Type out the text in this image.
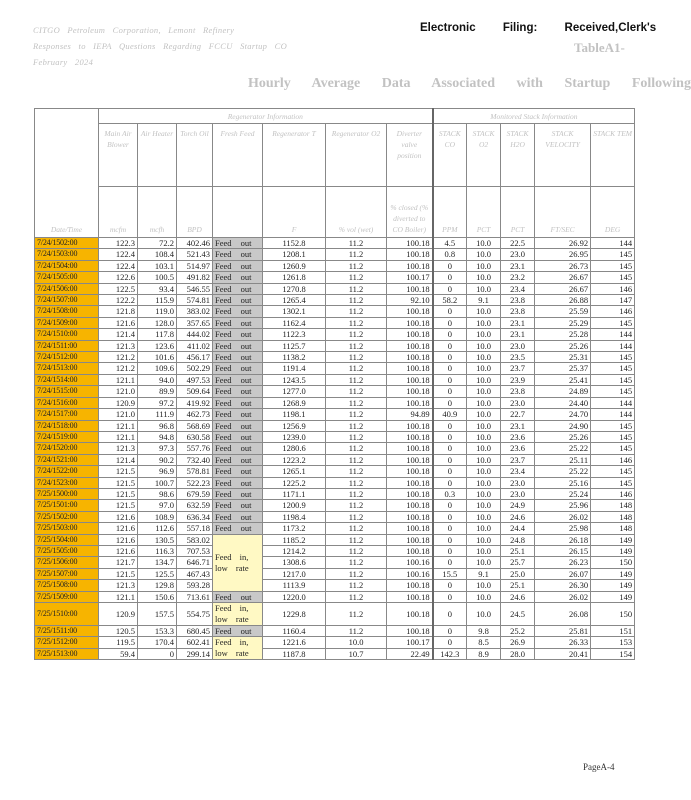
CITGO Petroleum Corporation, Lemont Refinery
Responses to IEPA Questions Regarding FCCU Startup CO
February 2024
Electronic Filing: Received,Clerk's
TableA1-
Hourly Average Data Associated with Startup Following
Date/Time	Regenerator Information							Monitored Stack Information				
	Main Air Blower	Air Heater	Torch Oil	Fresh Feed	Regenerator T	Regenerator O2	Diverter valve position	STACK CO	STACK O2	STACK H2O	STACK VELOCITY	STACK TEM
	mcfm	mcfh	BPD		F	% vol (wet)	% closed (% diverted to CO Boiler)	PPM	PCT	PCT	FT/SEC	DEG
7/24/1502:00	122.3	72.2	402.46	Feed out	1152.8	11.2	100.18	4.5	10.0	22.5	26.92	144
7/24/1503:00	122.4	108.4	521.43	Feed out	1208.1	11.2	100.18	0.8	10.0	23.0	26.95	145
7/24/1504:00	122.4	103.1	514.97	Feed out	1260.9	11.2	100.18	0	10.0	23.1	26.73	145
7/24/1505:00	122.6	100.5	491.82	Feed out	1261.8	11.2	100.17	0	10.0	23.2	26.67	145
7/24/1506:00	122.5	93.4	546.55	Feed out	1270.8	11.2	100.18	0	10.0	23.4	26.67	146
7/24/1507:00	122.2	115.9	574.81	Feed out	1265.4	11.2	92.10	58.2	9.1	23.8	26.88	147
7/24/1508:00	121.8	119.0	383.02	Feed out	1302.1	11.2	100.18	0	10.0	23.8	25.59	146
7/24/1509:00	121.6	128.0	357.65	Feed out	1162.4	11.2	100.18	0	10.0	23.1	25.29	145
7/24/1510:00	121.4	117.8	444.02	Feed out	1122.3	11.2	100.18	0	10.0	23.1	25.28	144
7/24/1511:00	121.3	123.6	411.02	Feed out	1125.7	11.2	100.18	0	10.0	23.0	25.26	144
7/24/1512:00	121.2	101.6	456.17	Feed out	1138.2	11.2	100.18	0	10.0	23.5	25.31	145
7/24/1513:00	121.2	109.6	502.29	Feed out	1191.4	11.2	100.18	0	10.0	23.7	25.37	145
7/24/1514:00	121.1	94.0	497.53	Feed out	1243.5	11.2	100.18	0	10.0	23.9	25.41	145
7/24/1515:00	121.0	89.9	509.64	Feed out	1277.0	11.2	100.18	0	10.0	23.8	24.89	145
7/24/1516:00	120.9	97.2	419.92	Feed out	1268.9	11.2	100.18	0	10.0	23.0	24.40	144
7/24/1517:00	121.0	111.9	462.73	Feed out	1198.1	11.2	94.89	40.9	10.0	22.7	24.70	144
7/24/1518:00	121.1	96.8	568.69	Feed out	1256.9	11.2	100.18	0	10.0	23.1	24.90	145
7/24/1519:00	121.1	94.8	630.58	Feed out	1239.0	11.2	100.18	0	10.0	23.6	25.26	145
7/24/1520:00	121.3	97.3	557.76	Feed out	1280.6	11.2	100.18	0	10.0	23.6	25.22	145
7/24/1521:00	121.4	90.2	732.40	Feed out	1223.2	11.2	100.18	0	10.0	23.7	25.11	146
7/24/1522:00	121.5	96.9	578.81	Feed out	1265.1	11.2	100.18	0	10.0	23.4	25.22	145
7/24/1523:00	121.5	100.7	522.23	Feed out	1225.2	11.2	100.18	0	10.0	23.0	25.16	145
7/25/1500:00	121.5	98.6	679.59	Feed out	1171.1	11.2	100.18	0.3	10.0	23.0	25.24	146
7/25/1501:00	121.5	97.0	632.59	Feed out	1200.9	11.2	100.18	0	10.0	24.9	25.96	148
7/25/1502:00	121.6	108.9	636.34	Feed out	1198.4	11.2	100.18	0	10.0	24.6	26.02	148
7/25/1503:00	121.6	112.6	557.18	Feed out	1173.2	11.2	100.18	0	10.0	24.4	25.98	148
7/25/1504:00	121.6	130.5	583.02	Feed in, low rate	1185.2	11.2	100.18	0	10.0	24.8	26.18	149
7/25/1505:00	121.6	116.3	707.53		1214.2	11.2	100.18	0	10.0	25.1	26.15	149
7/25/1506:00	121.7	134.7	646.71		1308.6	11.2	100.16	0	10.0	25.7	26.23	150
7/25/1507:00	121.5	125.5	467.43		1217.0	11.2	100.16	15.5	9.1	25.0	26.07	149
7/25/1508:00	121.3	129.8	593.28		1113.9	11.2	100.18	0	10.0	25.1	26.30	149
7/25/1509:00	121.1	150.6	713.61	Feed out	1220.0	11.2	100.18	0	10.0	24.6	26.02	149
7/25/1510:00	120.9	157.5	554.75	Feed in, low rate	1229.8	11.2	100.18	0	10.0	24.5	26.08	150
7/25/1511:00	120.5	153.3	680.45	Feed out	1160.4	11.2	100.18	0	9.8	25.2	25.81	151
7/25/1512:00	119.5	170.4	602.41	Feed in, low rate	1221.6	10.0	100.17	0	8.5	26.9	26.33	153
7/25/1513:00	59.4	0	299.14		1187.8	10.7	22.49	142.3	8.9	28.0	20.41	154
PageA-4
